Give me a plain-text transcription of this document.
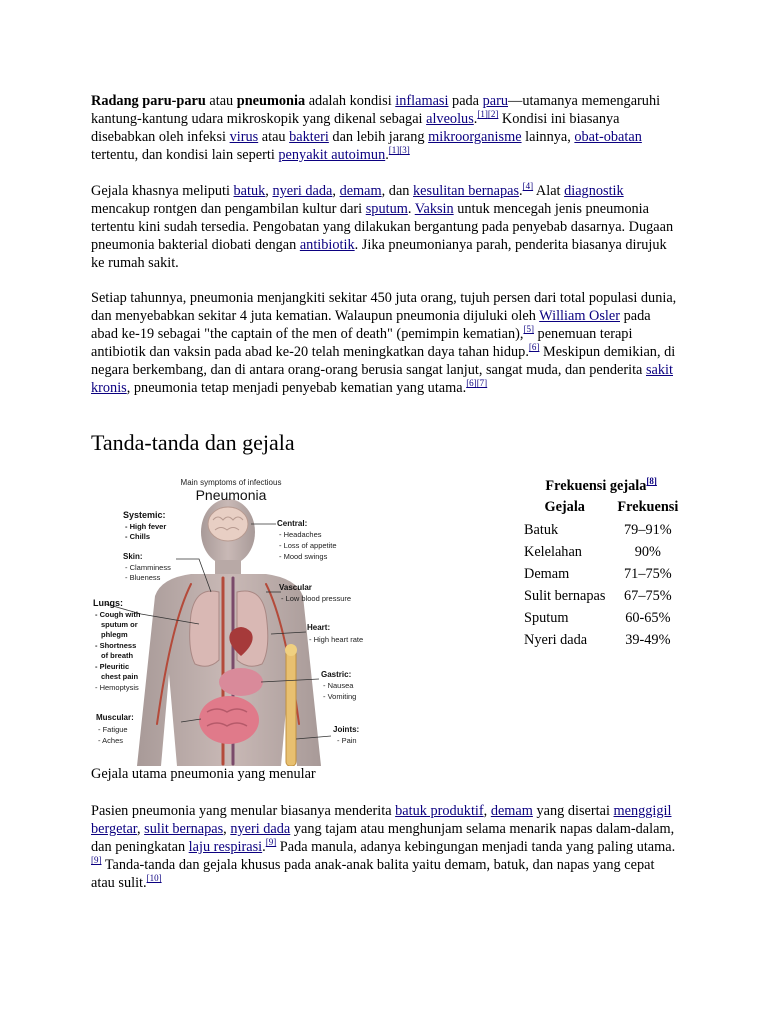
Radang paru-paru atau pneumonia adalah kondisi inflamasi pada paru—utamanya memengaruhi kantung-kantung udara mikroskopik yang dikenal sebagai alveolus.[1][2] Kondisi ini biasanya disebabkan oleh infeksi virus atau bakteri dan lebih jarang mikroorganisme lainnya, obat-obatan tertentu, dan kondisi lain seperti penyakit autoimun.[1][3]

Gejala khasnya meliputi batuk, nyeri dada, demam, dan kesulitan bernapas.[4] Alat diagnostik mencakup rontgen dan pengambilan kultur dari sputum. Vaksin untuk mencegah jenis pneumonia tertentu kini sudah tersedia. Pengobatan yang dilakukan bergantung pada penyebab dasarnya. Dugaan pneumonia bakterial diobati dengan antibiotik. Jika pneumonianya parah, penderita biasanya dirujuk ke rumah sakit.

Setiap tahunnya, pneumonia menjangkiti sekitar 450 juta orang, tujuh persen dari total populasi dunia, dan menyebabkan sekitar 4 juta kematian. Walaupun pneumonia dijuluki oleh William Osler pada abad ke-19 sebagai "the captain of the men of death" (pemimpin kematian),[5] penemuan terapi antibiotik dan vaksin pada abad ke-20 telah meningkatkan daya tahan hidup.[6] Meskipun demikian, di negara berkembang, dan di antara orang-orang berusia sangat lanjut, sangat muda, dan penderita sakit kronis, pneumonia tetap menjadi penyebab kematian yang utama.[6][7]

Tanda-tanda dan gejala
Main symptoms of infectious
Pneumonia
Systemic:
- High fever
- Chills
Skin:
- Clamminess
- Blueness
Lungs:
- Cough with
sputum or
phlegm
- Shortness
of breath
- Pleuritic
chest pain
- Hemoptysis
Muscular:
- Fatigue
- Aches
Central:
- Headaches
- Loss of appetite
- Mood swings
Vascular
- Low blood pressure
Heart:
- High heart rate
Gastric:
- Nausea
- Vomiting
Joints:
- Pain
Gejala utama pneumonia yang menular
Frekuensi gejala[8]
Gejala	Frekuensi
Batuk	79–91%
Kelelahan	90%
Demam	71–75%
Sulit bernapas	67–75%
Sputum	60-65%
Nyeri dada	39-49%

Pasien pneumonia yang menular biasanya menderita batuk produktif, demam yang disertai menggigil bergetar, sulit bernapas, nyeri dada yang tajam atau menghunjam selama menarik napas dalam-dalam, dan peningkatan laju respirasi.[9] Pada manula, adanya kebingungan menjadi tanda yang paling utama.[9] Tanda-tanda dan gejala khusus pada anak-anak balita yaitu demam, batuk, dan napas yang cepat atau sulit.[10]
